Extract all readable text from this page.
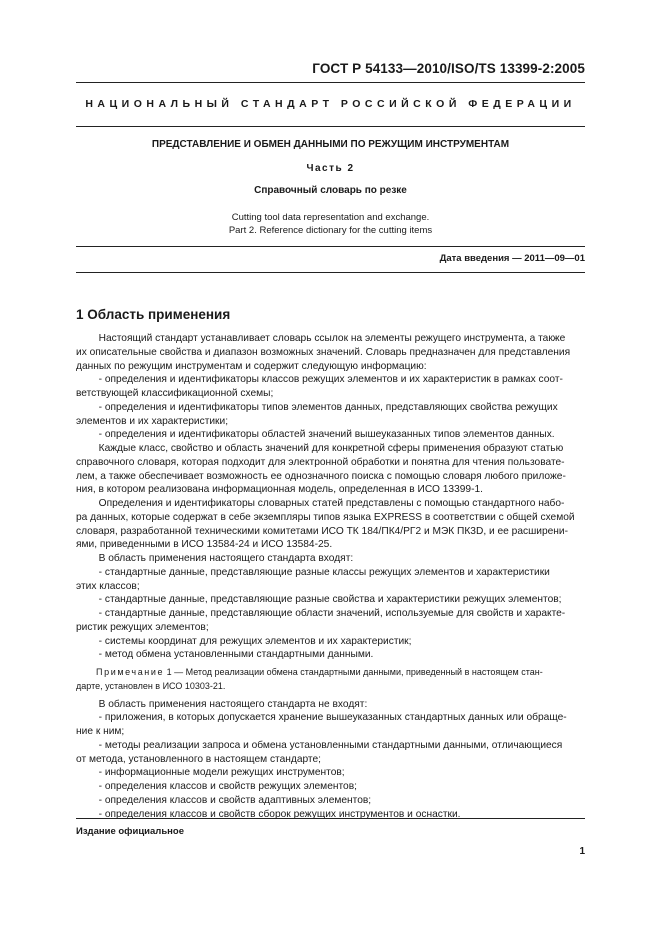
ГОСТ Р 54133—2010/ISO/TS 13399-2:2005
НАЦИОНАЛЬНЫЙ СТАНДАРТ РОССИЙСКОЙ ФЕДЕРАЦИИ
ПРЕДСТАВЛЕНИЕ И ОБМЕН ДАННЫМИ ПО РЕЖУЩИМ ИНСТРУМЕНТАМ
Часть 2
Справочный словарь по резке
Cutting tool data representation and exchange.
Part 2. Reference dictionary for the cutting items
Дата введения — 2011—09—01
1 Область применения
Настоящий стандарт устанавливает словарь ссылок на элементы режущего инструмента, а также
их описательные свойства и диапазон возможных значений. Словарь предназначен для представления
данных по режущим инструментам и содержит следующую информацию:
- определения и идентификаторы классов режущих элементов и их характеристик в рамках соот-
ветствующей классификационной схемы;
- определения и идентификаторы типов элементов данных, представляющих свойства режущих
элементов и их характеристики;
- определения и идентификаторы областей значений вышеуказанных типов элементов данных.
Каждые класс, свойство и область значений для конкретной сферы применения образуют статью
справочного словаря, которая подходит для электронной обработки и понятна для чтения пользовате-
лем, а также обеспечивает возможность ее однозначного поиска с помощью словаря любого приложе-
ния, в котором реализована информационная модель, определенная в ИСО 13399-1.
Определения и идентификаторы словарных статей представлены с помощью стандартного набо-
ра данных, которые содержат в себе экземпляры типов языка EXPRESS в соответствии с общей схемой
словаря, разработанной техническими комитетами ИСО ТК 184/ПК4/РГ2 и МЭК ПК3D, и ее расширени-
ями, приведенными в ИСО 13584-24 и ИСО 13584-25.
В область применения настоящего стандарта входят:
- стандартные данные, представляющие разные классы режущих элементов и характеристики
этих классов;
- стандартные данные, представляющие разные свойства и характеристики режущих элементов;
- стандартные данные, представляющие области значений, используемые для свойств и характе-
ристик режущих элементов;
- системы координат для режущих элементов и их характеристик;
- метод обмена установленными стандартными данными.
Примечание 1 — Метод реализации обмена стандартными данными, приведенный в настоящем стан-
дарте, установлен в ИСО 10303-21.
В область применения настоящего стандарта не входят:
- приложения, в которых допускается хранение вышеуказанных стандартных данных или обраще-
ние к ним;
- методы реализации запроса и обмена установленными стандартными данными, отличающиеся
от метода, установленного в настоящем стандарте;
- информационные модели режущих инструментов;
- определения классов и свойств режущих элементов;
- определения классов и свойств адаптивных элементов;
- определения классов и свойств сборок режущих инструментов и оснастки.
Издание официальное
1
